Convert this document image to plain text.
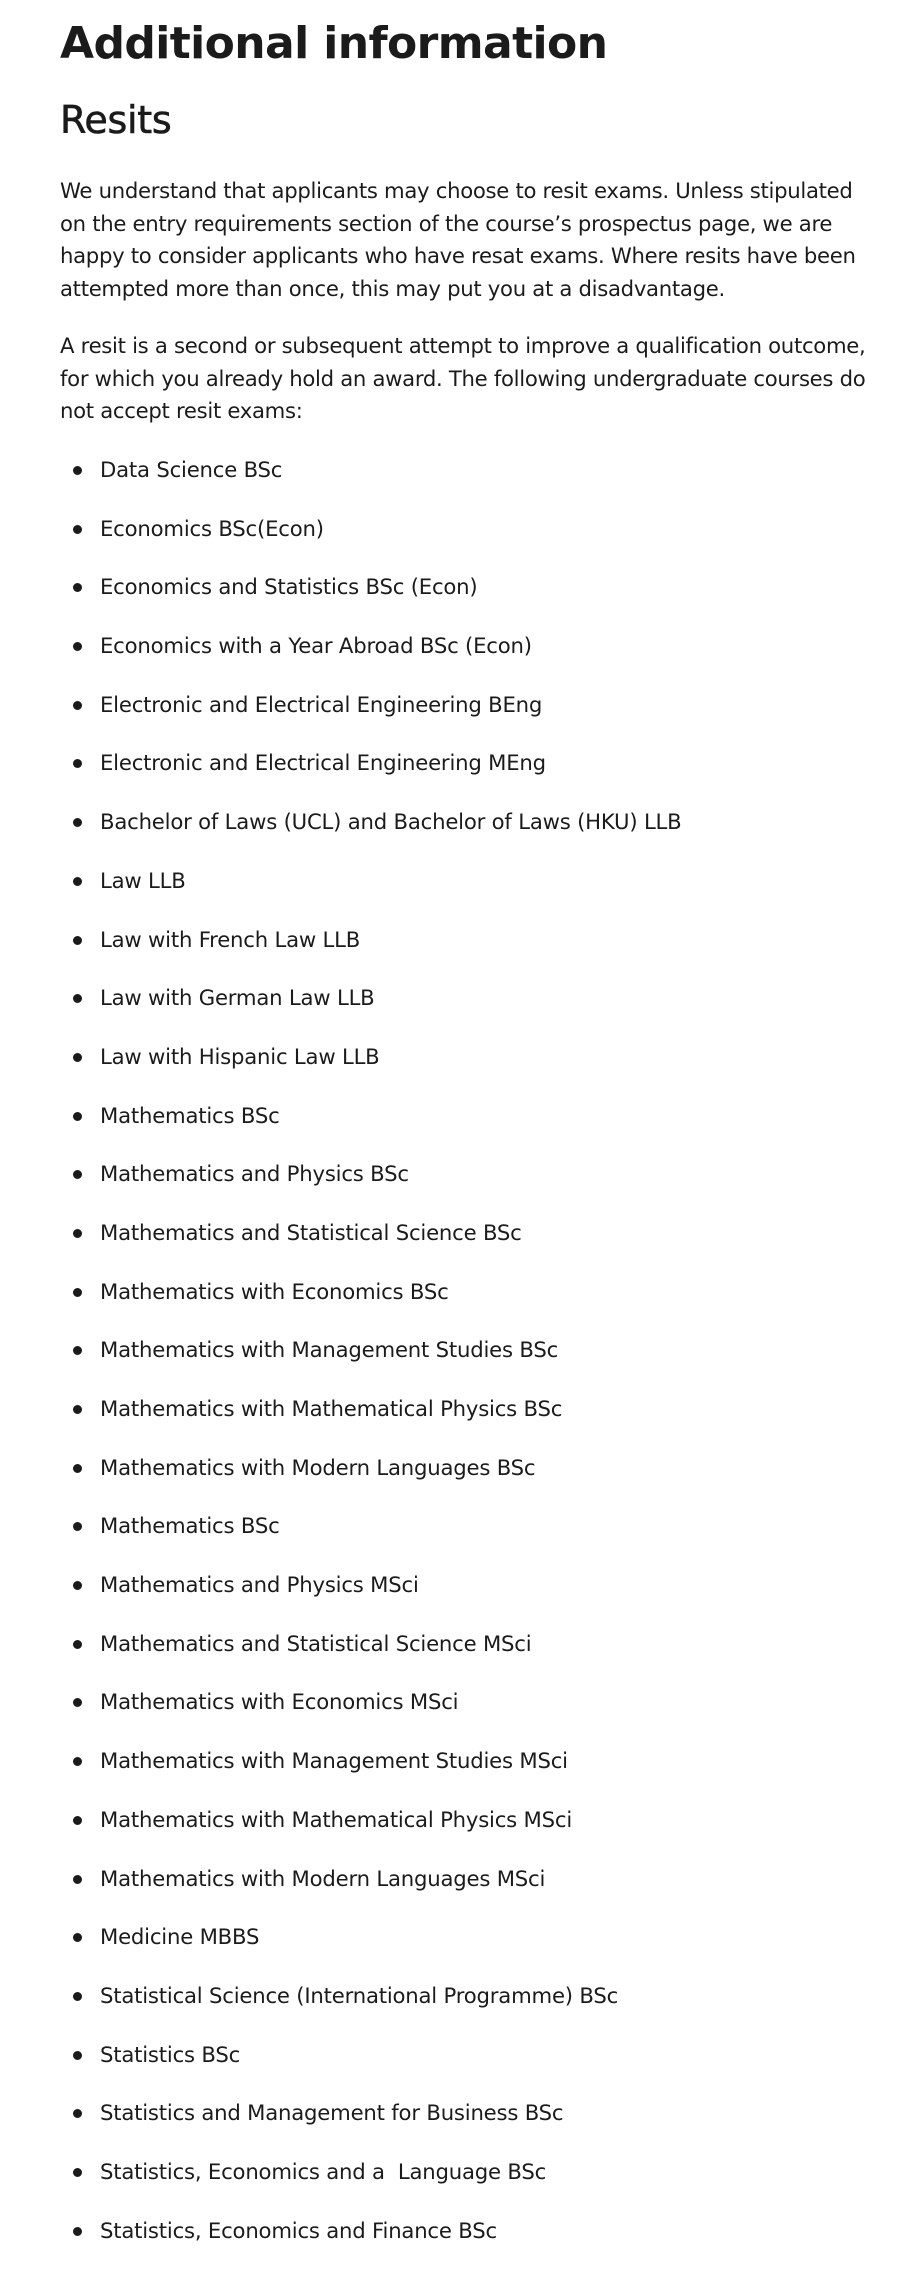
Additional information
Resits

We understand that applicants may choose to resit exams. Unless stipulated on the entry requirements section of the course’s prospectus page, we are happy to consider applicants who have resat exams. Where resits have been attempted more than once, this may put you at a disadvantage.

A resit is a second or subsequent attempt to improve a qualification outcome, for which you already hold an award. The following undergraduate courses do not accept resit exams:

Data Science BSc
Economics BSc(Econ)
Economics and Statistics BSc (Econ)
Economics with a Year Abroad BSc (Econ)
Electronic and Electrical Engineering BEng
Electronic and Electrical Engineering MEng
Bachelor of Laws (UCL) and Bachelor of Laws (HKU) LLB
Law LLB
Law with French Law LLB
Law with German Law LLB
Law with Hispanic Law LLB
Mathematics BSc
Mathematics and Physics BSc
Mathematics and Statistical Science BSc
Mathematics with Economics BSc
Mathematics with Management Studies BSc
Mathematics with Mathematical Physics BSc
Mathematics with Modern Languages BSc
Mathematics BSc
Mathematics and Physics MSci
Mathematics and Statistical Science MSci
Mathematics with Economics MSci
Mathematics with Management Studies MSci
Mathematics with Mathematical Physics MSci
Mathematics with Modern Languages MSci
Medicine MBBS
Statistical Science (International Programme) BSc
Statistics BSc
Statistics and Management for Business BSc
Statistics, Economics and a  Language BSc
Statistics, Economics and Finance BSc
